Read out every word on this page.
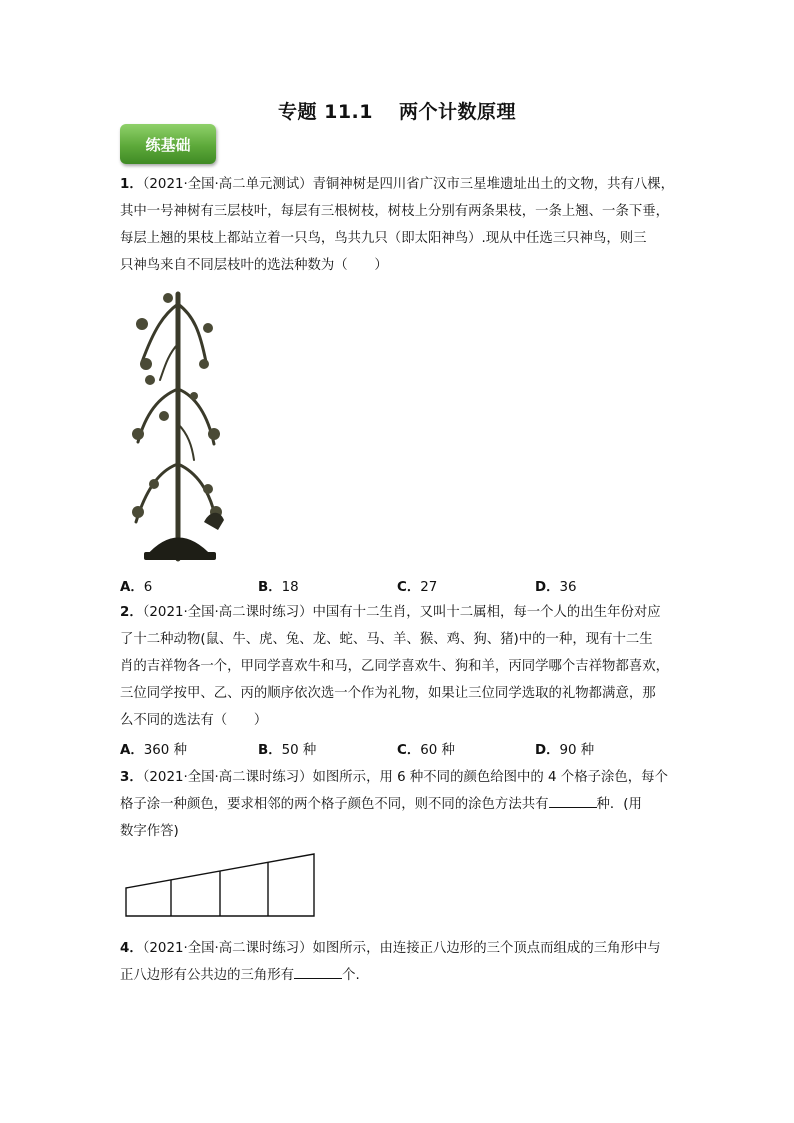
专题 11.1 两个计数原理
练基础

1．（2021·全国·高二单元测试）青铜神树是四川省广汉市三星堆遗址出土的文物，共有八棵，

其中一号神树有三层枝叶，每层有三根树枝，树枝上分别有两条果枝，一条上翘、一条下垂，

每层上翘的果枝上都站立着一只鸟，鸟共九只（即太阳神鸟）.现从中任选三只神鸟，则三

只神鸟来自不同层枝叶的选法种数为（　　）

A．6	B．18	C．27	D．36

2．（2021·全国·高二课时练习）中国有十二生肖，又叫十二属相，每一个人的出生年份对应

了十二种动物(鼠、牛、虎、兔、龙、蛇、马、羊、猴、鸡、狗、猪)中的一种，现有十二生

肖的吉祥物各一个，甲同学喜欢牛和马，乙同学喜欢牛、狗和羊，丙同学哪个吉祥物都喜欢，

三位同学按甲、乙、丙的顺序依次选一个作为礼物，如果让三位同学选取的礼物都满意，那

么不同的选法有（　　）

A．360 种	B．50 种	C．60 种	D．90 种

3．（2021·全国·高二课时练习）如图所示，用 6 种不同的颜色给图中的 4 个格子涂色，每个

格子涂一种颜色，要求相邻的两个格子颜色不同，则不同的涂色方法共有	种．(用

数字作答)

4．（2021·全国·高二课时练习）如图所示，由连接正八边形的三个顶点而组成的三角形中与

正八边形有公共边的三角形有	个.
